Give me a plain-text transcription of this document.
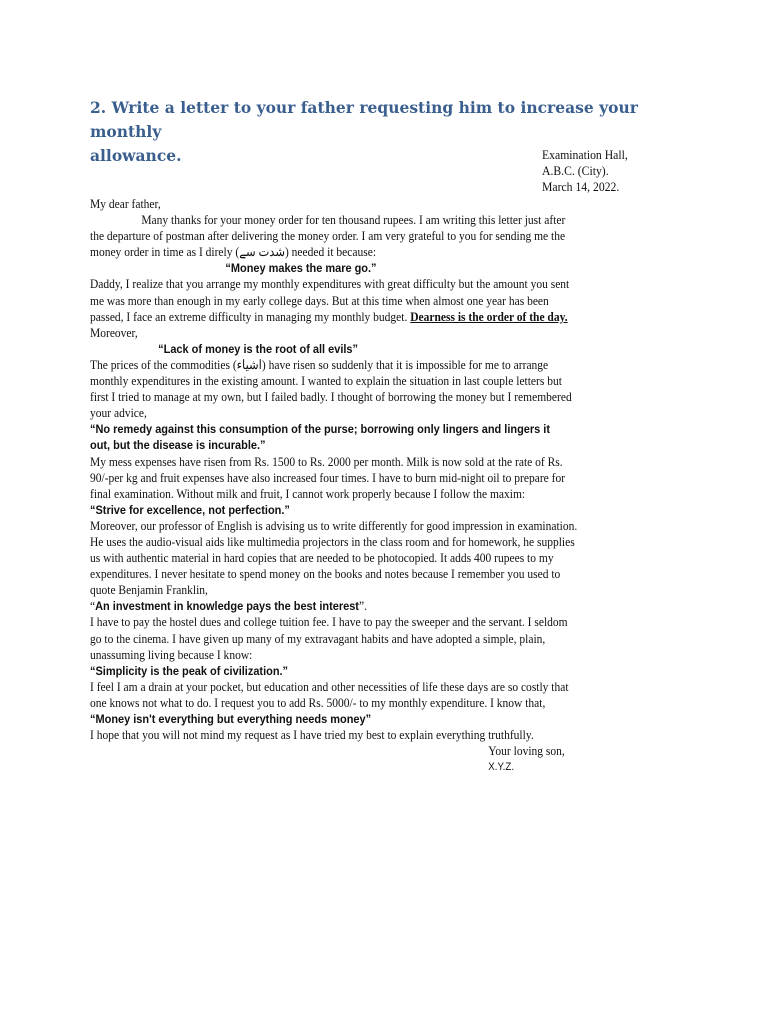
2. Write a letter to your father requesting him to increase your monthly
allowance.	Examination Hall,
A.B.C. (City).
March 14, 2022.
My dear father,
Many thanks for your money order for ten thousand rupees. I am writing this letter just after
the departure of postman after delivering the money order. I am very grateful to you for sending me the
money order in time as I direly (شدت سے) needed it because:
“Money makes the mare go.”
Daddy, I realize that you arrange my monthly expenditures with great difficulty but the amount you sent
me was more than enough in my early college days. But at this time when almost one year has been
passed, I face an extreme difficulty in managing my monthly budget. Dearness is the order of the day.
Moreover,
“Lack of money is the root of all evils”
The prices of the commodities (اشیاء) have risen so suddenly that it is impossible for me to arrange
monthly expenditures in the existing amount. I wanted to explain the situation in last couple letters but
first I tried to manage at my own, but I failed badly. I thought of borrowing the money but I remembered
your advice,
“No remedy against this consumption of the purse; borrowing only lingers and lingers it
out, but the disease is incurable.”
My mess expenses have risen from Rs. 1500 to Rs. 2000 per month. Milk is now sold at the rate of Rs.
90/-per kg and fruit expenses have also increased four times. I have to burn mid-night oil to prepare for
final examination. Without milk and fruit, I cannot work properly because I follow the maxim:
“Strive for excellence, not perfection.”
Moreover, our professor of English is advising us to write differently for good impression in examination.
He uses the audio-visual aids like multimedia projectors in the class room and for homework, he supplies
us with authentic material in hard copies that are needed to be photocopied. It adds 400 rupees to my
expenditures. I never hesitate to spend money on the books and notes because I remember you used to
quote Benjamin Franklin,
“An investment in knowledge pays the best interest”.
I have to pay the hostel dues and college tuition fee. I have to pay the sweeper and the servant. I seldom
go to the cinema. I have given up many of my extravagant habits and have adopted a simple, plain,
unassuming living because I know:
“Simplicity is the peak of civilization.”
I feel I am a drain at your pocket, but education and other necessities of life these days are so costly that
one knows not what to do. I request you to add Rs. 5000/- to my monthly expenditure. I know that,
“Money isn't everything but everything needs money”
I hope that you will not mind my request as I have tried my best to explain everything truthfully.
Your loving son,
X.Y.Z.
